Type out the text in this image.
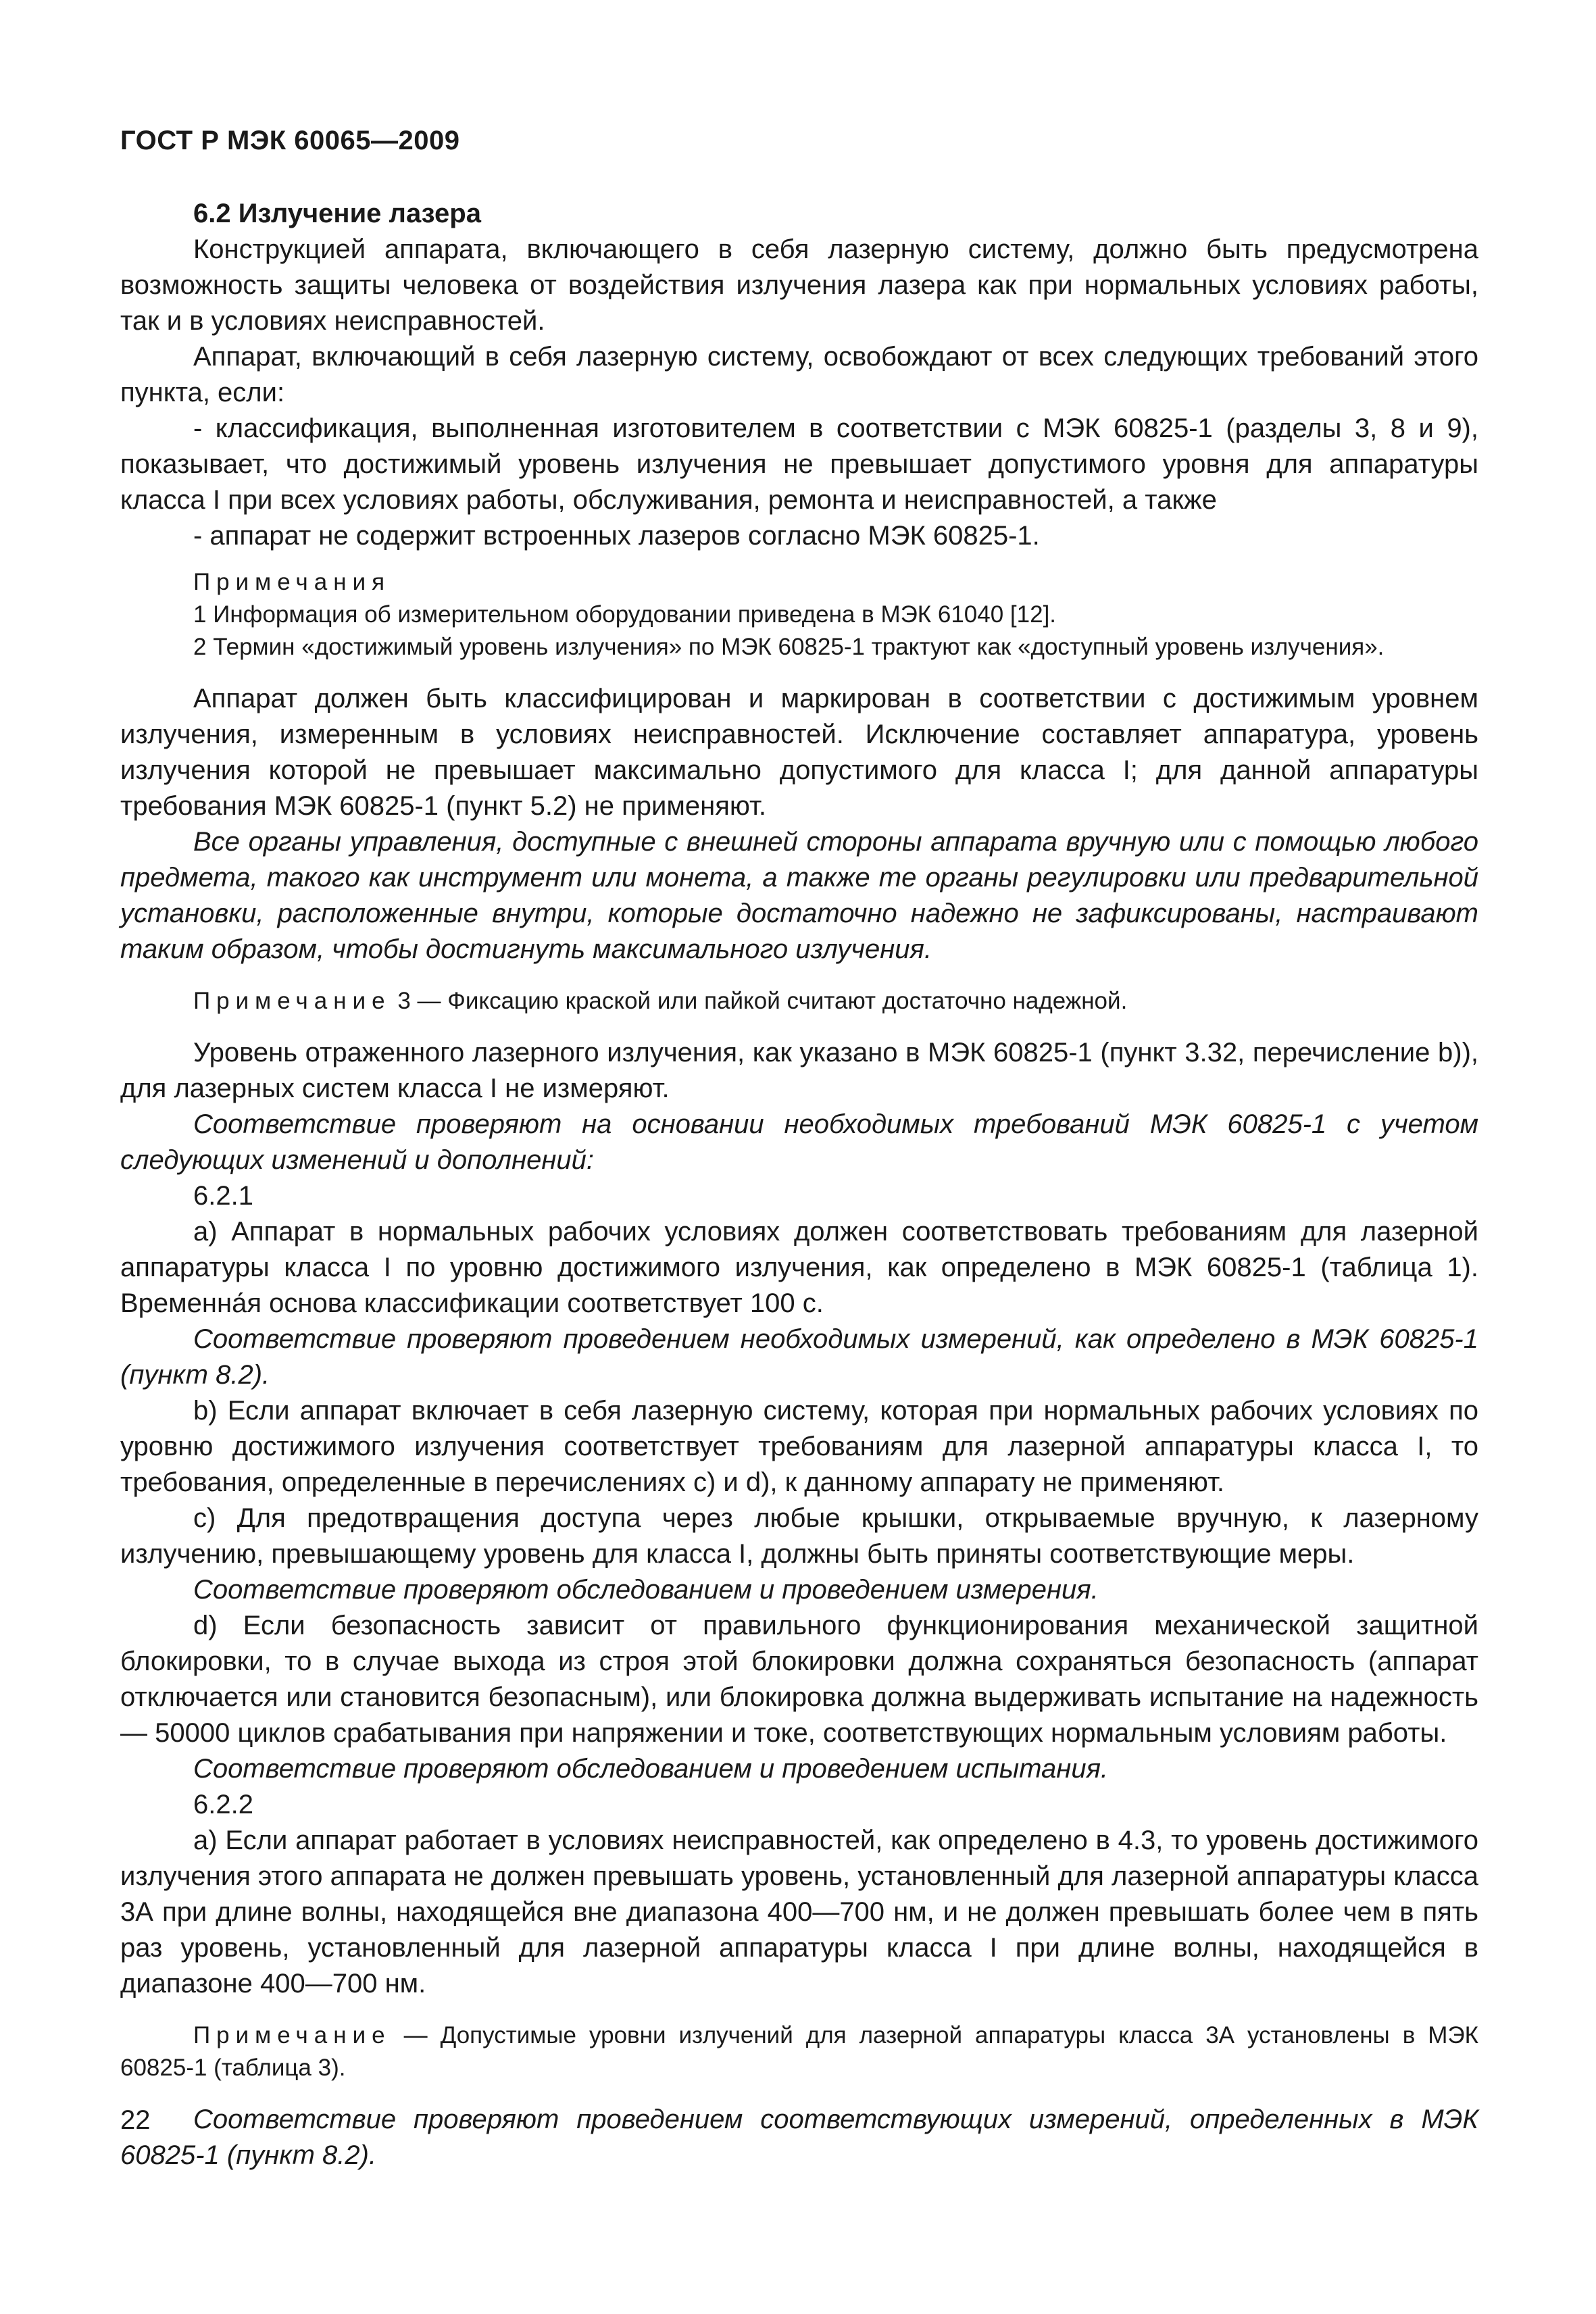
ГОСТ Р МЭК 60065—2009

6.2 Излучение лазера

Конструкцией аппарата, включающего в себя лазерную систему, должно быть предусмотрена возможность защиты человека от воздействия излучения лазера как при нормальных условиях работы, так и в условиях неисправностей.

Аппарат, включающий в себя лазерную систему, освобождают от всех следующих требований этого пункта, если:

- классификация, выполненная изготовителем в соответствии с МЭК 60825-1 (разделы 3, 8 и 9), показывает, что достижимый уровень излучения не превышает допустимого уровня для аппаратуры класса I при всех условиях работы, обслуживания, ремонта и неисправностей, а также

- аппарат не содержит встроенных лазеров согласно МЭК 60825-1.

Примечания

1 Информация об измерительном оборудовании приведена в МЭК 61040 [12].

2 Термин «достижимый уровень излучения» по МЭК 60825-1 трактуют как «доступный уровень излучения».

Аппарат должен быть классифицирован и маркирован в соответствии с достижимым уровнем излучения, измеренным в условиях неисправностей. Исключение составляет аппаратура, уровень излучения которой не превышает максимально допустимого для класса I; для данной аппаратуры требования МЭК 60825-1 (пункт 5.2) не применяют.

Все органы управления, доступные с внешней стороны аппарата вручную или с помощью любого предмета, такого как инструмент или монета, а также те органы регулировки или предварительной установки, расположенные внутри, которые достаточно надежно не зафиксированы, настраивают таким образом, чтобы достигнуть максимального излучения.

Примечание 3 — Фиксацию краской или пайкой считают достаточно надежной.

Уровень отраженного лазерного излучения, как указано в МЭК 60825-1 (пункт 3.32, перечисление b)), для лазерных систем класса I не измеряют.

Соответствие проверяют на основании необходимых требований МЭК 60825-1 с учетом следующих изменений и дополнений:

6.2.1

а) Аппарат в нормальных рабочих условиях должен соответствовать требованиям для лазерной аппаратуры класса I по уровню достижимого излучения, как определено в МЭК 60825-1 (таблица 1). Временна́я основа классификации соответствует 100 с.

Соответствие проверяют проведением необходимых измерений, как определено в МЭК 60825-1 (пункт 8.2).

b) Если аппарат включает в себя лазерную систему, которая при нормальных рабочих условиях по уровню достижимого излучения соответствует требованиям для лазерной аппаратуры класса I, то требования, определенные в перечислениях с) и d), к данному аппарату не применяют.

с) Для предотвращения доступа через любые крышки, открываемые вручную, к лазерному излучению, превышающему уровень для класса I, должны быть приняты соответствующие меры.

Соответствие проверяют обследованием и проведением измерения.

d) Если безопасность зависит от правильного функционирования механической защитной блокировки, то в случае выхода из строя этой блокировки должна сохраняться безопасность (аппарат отключается или становится безопасным), или блокировка должна выдерживать испытание на надежность — 50000 циклов срабатывания при напряжении и токе, соответствующих нормальным условиям работы.

Соответствие проверяют обследованием и проведением испытания.

6.2.2

а) Если аппарат работает в условиях неисправностей, как определено в 4.3, то уровень достижимого излучения этого аппарата не должен превышать уровень, установленный для лазерной аппаратуры класса 3А при длине волны, находящейся вне диапазона 400—700 нм, и не должен превышать более чем в пять раз уровень, установленный для лазерной аппаратуры класса I при длине волны, находящейся в диапазоне 400—700 нм.

Примечание — Допустимые уровни излучений для лазерной аппаратуры класса 3А установлены в МЭК 60825-1 (таблица 3).

Соответствие проверяют проведением соответствующих измерений, определенных в МЭК 60825-1 (пункт 8.2).

22
